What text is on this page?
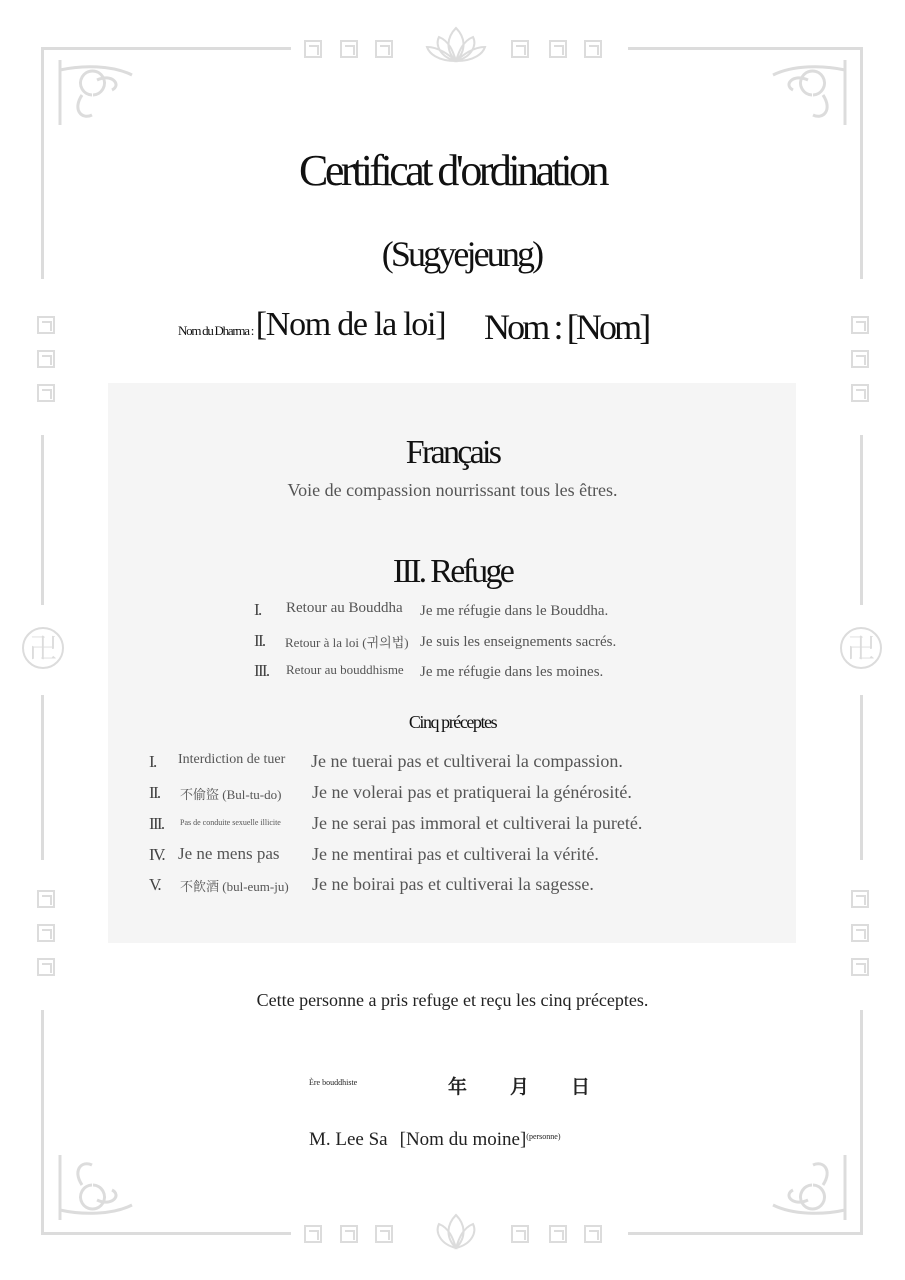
卍	卍
Certificat d'ordination
(Sugyejeung)
Nom du Dharma : [Nom de la loi] Nom : [Nom]
Français
Voie de compassion nourrissant tous les êtres.
III. Refuge
I. Retour au Bouddha Je me réfugie dans le Bouddha.
II. Retour à la loi (귀의법) Je suis les enseignements sacrés.
III. Retour au bouddhisme Je me réfugie dans les moines.
Cinq préceptes
I. Interdiction de tuer Je ne tuerai pas et cultiverai la compassion.
II. 不偷盜 (Bul-tu-do) Je ne volerai pas et pratiquerai la générosité.
III. Pas de conduite sexuelle illicite Je ne serai pas immoral et cultiverai la pureté.
IV. Je ne mens pas Je ne mentirai pas et cultiverai la vérité.
V. 不飮酒 (bul-eum-ju) Je ne boirai pas et cultiverai la sagesse.
Cette personne a pris refuge et reçu les cinq préceptes.
Ère bouddhiste	年 月 日
M. Lee Sa [Nom du moine]$^{(personne)}$
